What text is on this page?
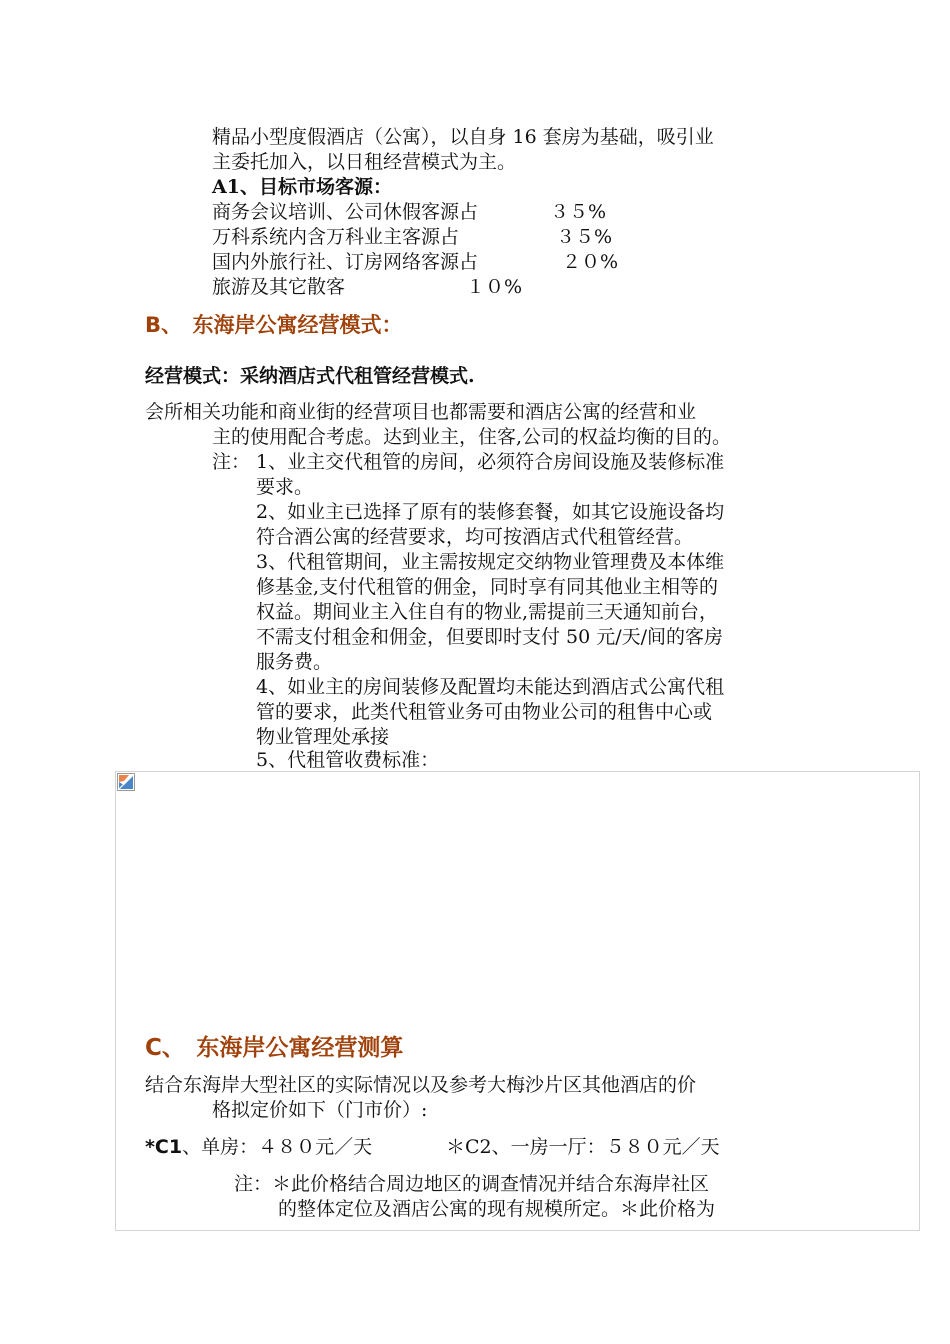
精品小型度假酒店（公寓），以自身 16 套房为基础，吸引业
主委托加入，以日租经营模式为主。
A1、目标市场客源：
商务会议培训、公司休假客源占	３５%
万科系统内含万科业主客源占	３５%
国内外旅行社、订房网络客源占	２０%
旅游及其它散客	１０%
B、　东海岸公寓经营模式：
经营模式：采纳酒店式代租管经营模式.
会所相关功能和商业街的经营项目也都需要和酒店公寓的经营和业
主的使用配合考虑。达到业主，住客,公司的权益均衡的目的。
注： 1、业主交代租管的房间，必须符合房间设施及装修标准
要求。
2、如业主已选择了原有的装修套餐，如其它设施设备均
符合酒公寓的经营要求，均可按酒店式代租管经营。
3、代租管期间，业主需按规定交纳物业管理费及本体维
修基金,支付代租管的佣金，同时享有同其他业主相等的
权益。期间业主入住自有的物业,需提前三天通知前台，
不需支付租金和佣金，但要即时支付 50 元/天/间的客房
服务费。
4、如业主的房间装修及配置均未能达到酒店式公寓代租
管的要求，此类代租管业务可由物业公司的租售中心或
物业管理处承接
5、代租管收费标准：
C、　东海岸公寓经营测算
结合东海岸大型社区的实际情况以及参考大梅沙片区其他酒店的价
格拟定价如下（门市价）:
*C1、单房：４８０元／天	＊C2、一房一厅：５８０元／天
注：＊此价格结合周边地区的调查情况并结合东海岸社区
的整体定位及酒店公寓的现有规模所定。＊此价格为
